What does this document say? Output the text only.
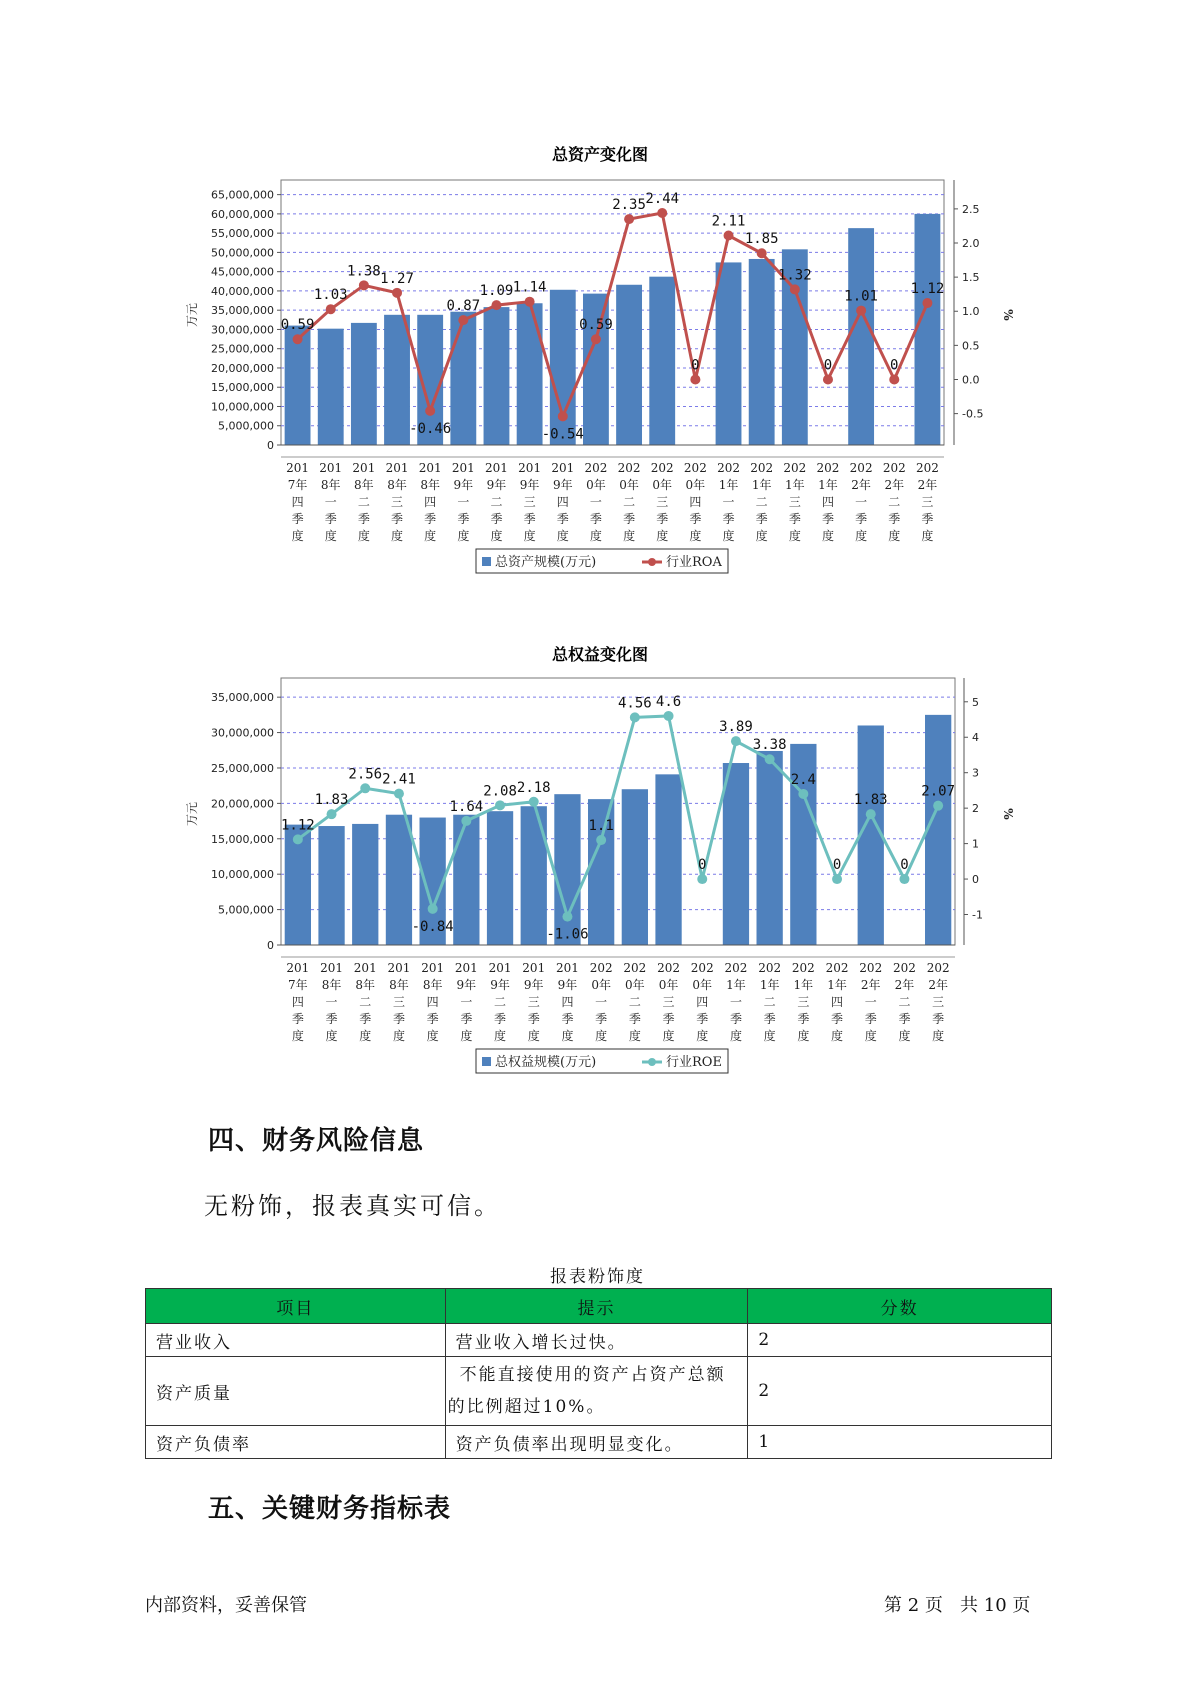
总资产变化图
65,000,000
60,000,000
55,000,000
50,000,000
45,000,000
40,000,000
35,000,000
30,000,000
25,000,000
20,000,000
15,000,000
10,000,000
5,000,000
0
2.5
2.0
1.5
1.0
0.5
0.0
-0.5
万元	%
0.59
1.03
1.38 1.27
-0.46
0.87
1.09 1.14
-0.54
0.59
2.35 2.44
0
2.11
1.85
1.32
0
1.01
0
1.12
201
7年
四
季
度
201
8年
一
季
度
201
8年
二
季
度
201
8年
三
季
度
201
8年
四
季
度
201
9年
一
季
度
201
9年
二
季
度
201
9年
三
季
度
201
9年
四
季
度
202
0年
一
季
度
202
0年
二
季
度
202
0年
三
季
度
202
0年
四
季
度
202
1年
一
季
度
202
1年
二
季
度
202
1年
三
季
度
202
1年
四
季
度
202
2年
一
季
度
202
2年
二
季
度
202
2年
三
季
度
总资产规模(万元)	行业ROA
总权益变化图
35,000,000
30,000,000
25,000,000
20,000,000
15,000,000
10,000,000
5,000,000
0
5
4
3
2
1
0
-1
万元	%
1.12
1.83
2.56 2.41
-0.84
1.64
2.08 2.18
-1.06
1.1
4.56 4.6
0
3.89
3.38
2.4
0
1.83
0
2.07
201
7年
四
季
度
201
8年
一
季
度
201
8年
二
季
度
201
8年
三
季
度
201
8年
四
季
度
201
9年
一
季
度
201
9年
二
季
度
201
9年
三
季
度
201
9年
四
季
度
202
0年
一
季
度
202
0年
二
季
度
202
0年
三
季
度
202
0年
四
季
度
202
1年
一
季
度
202
1年
二
季
度
202
1年
三
季
度
202
1年
四
季
度
202
2年
一
季
度
202
2年
二
季
度
202
2年
三
季
度
总权益规模(万元)	行业ROE
四、财务风险信息
无粉饰，报表真实可信。
报表粉饰度
项目	提示	分数
营业收入	营业收入增长过快。	2
资产质量	不能直接使用的资产占资产总额的比例超过10%。	2
资产负债率	资产负债率出现明显变化。	1
五、关键财务指标表
内部资料，妥善保管	第 2 页   共 10 页
